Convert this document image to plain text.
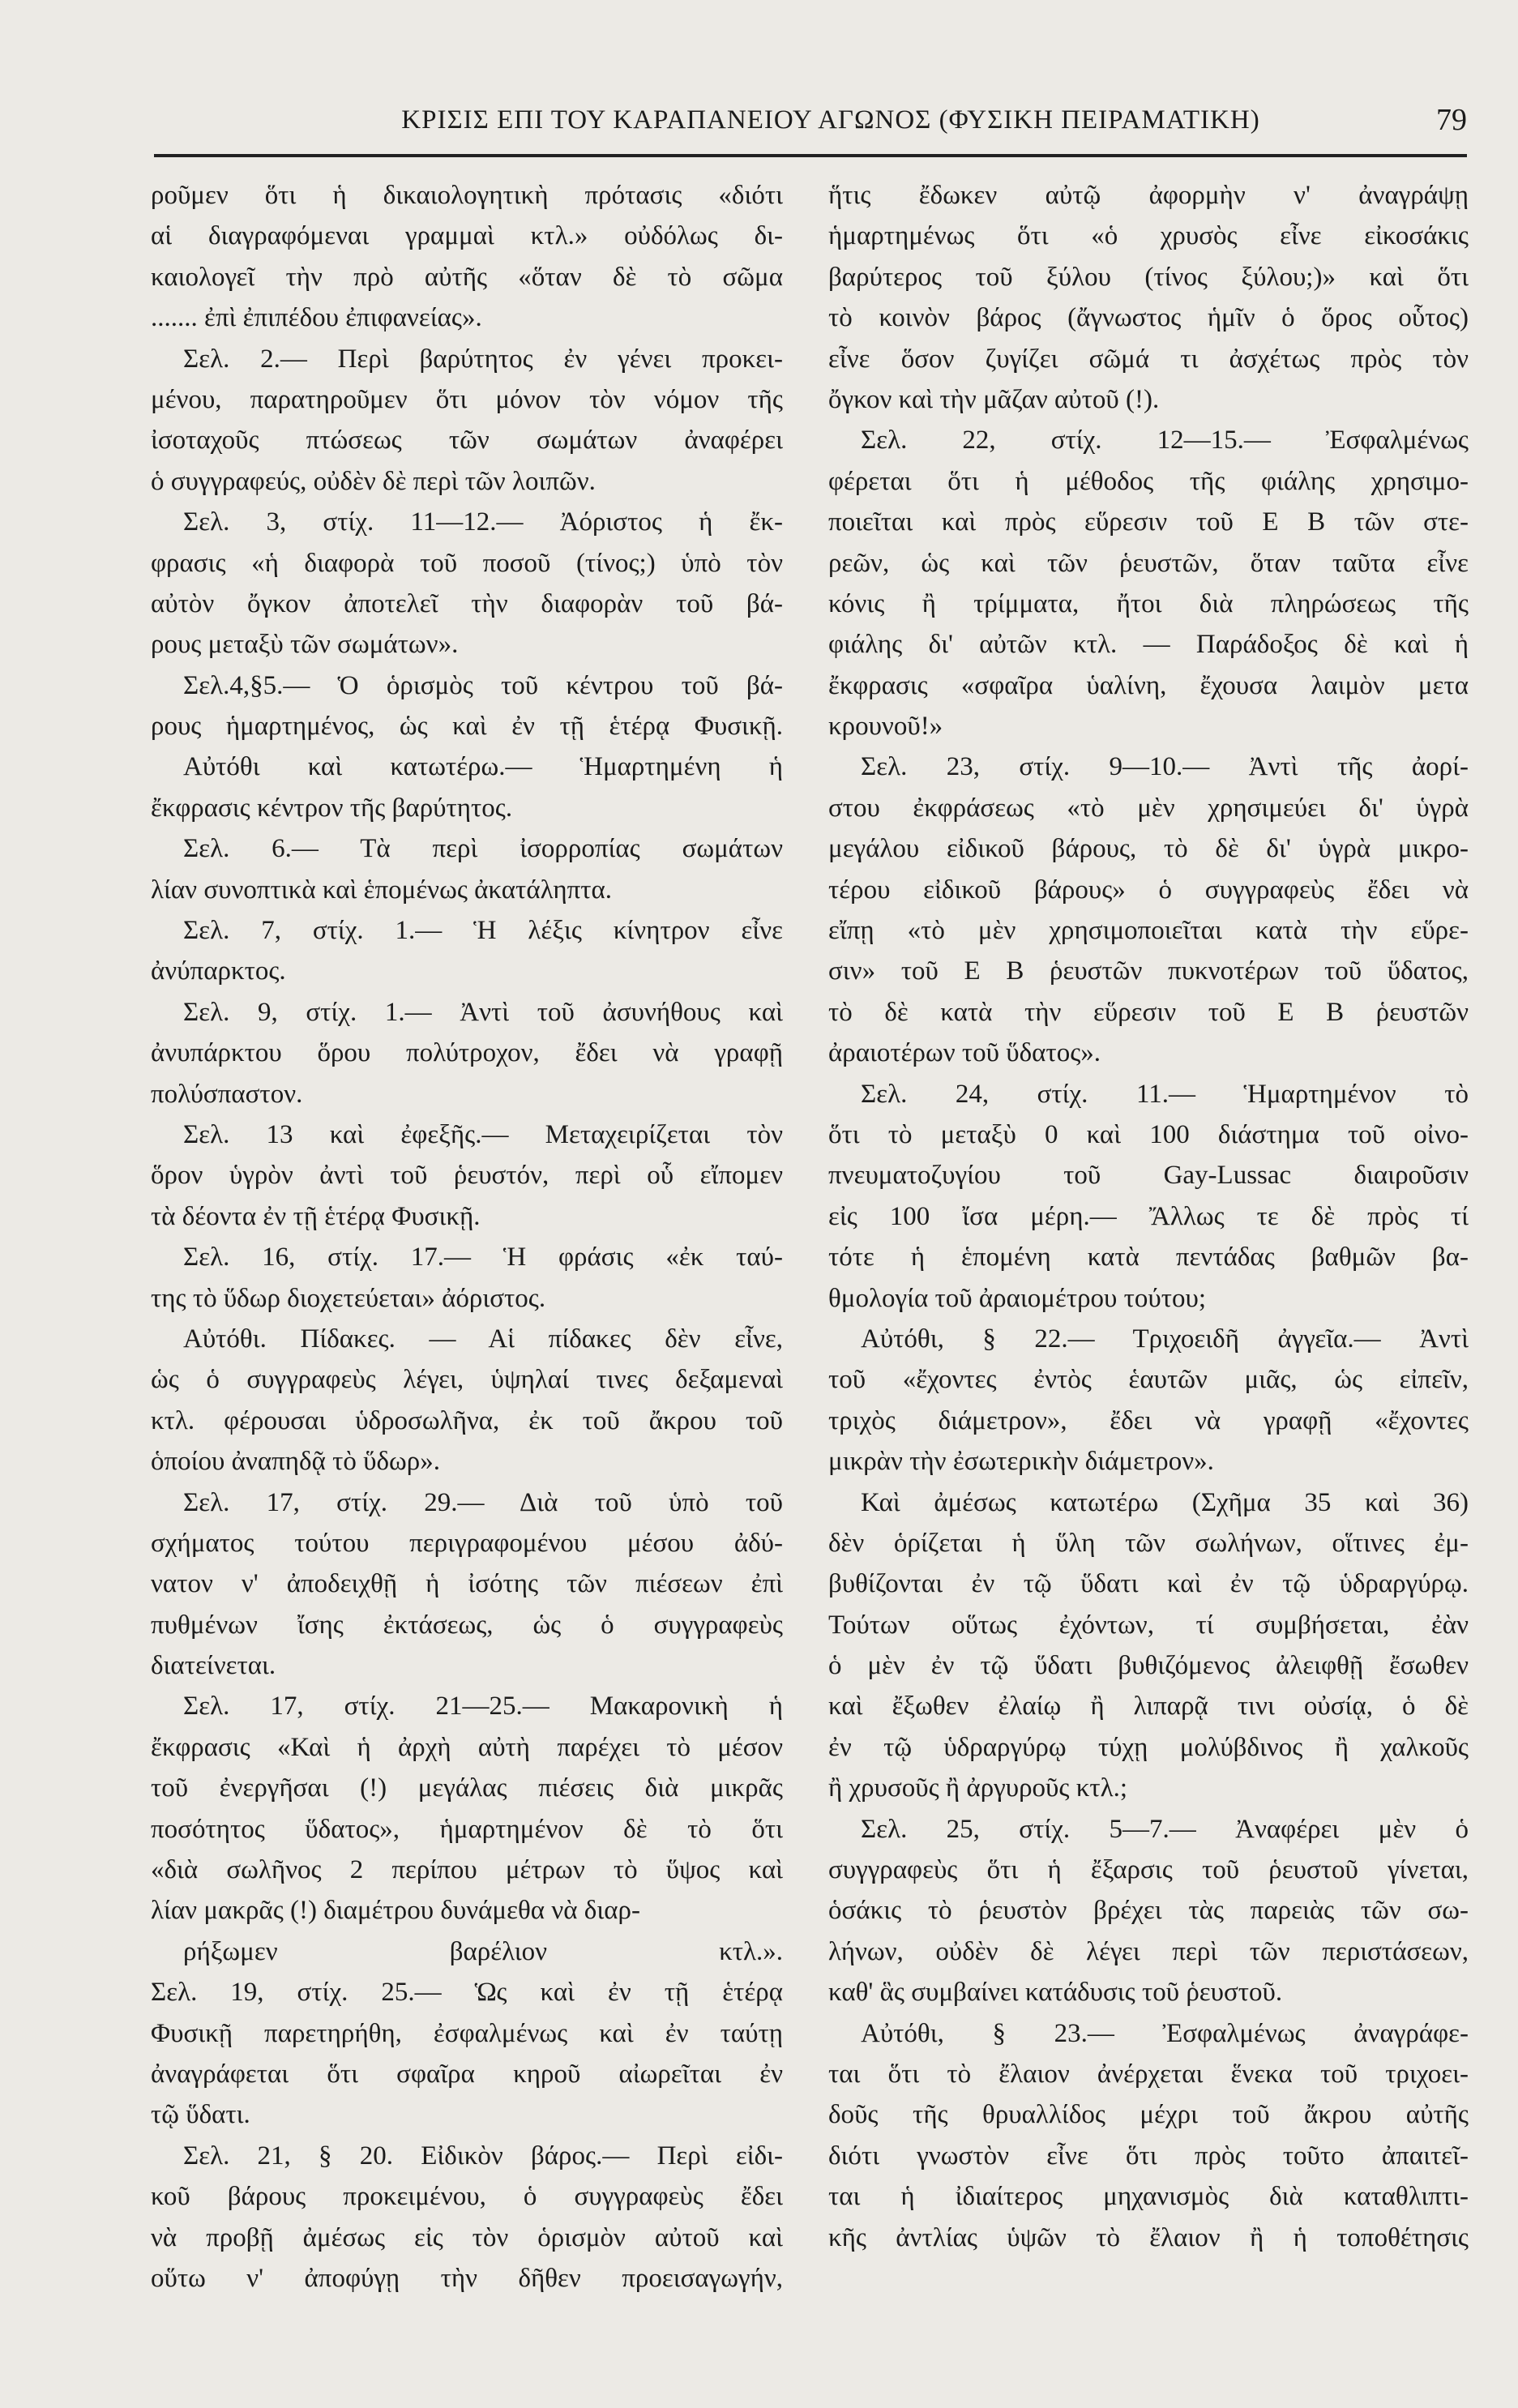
ΚΡΙΣΙΣ ΕΠΙ ΤΟΥ ΚΑΡΑΠΑΝΕΙΟΥ ΑΓΩΝΟΣ (ΦΥΣΙΚΗ ΠΕΙΡΑΜΑΤΙΚΗ)	79
ροῦμεν ὅτι ἡ δικαιολογητικὴ πρότασις «διότι
αἱ διαγραφόμεναι γραμμαὶ κτλ.» οὐδόλως δι-
καιολογεῖ τὴν πρὸ αὐτῆς «ὅταν δὲ τὸ σῶμα
....... ἐπὶ ἐπιπέδου ἐπιφανείας».
Σελ. 2.— Περὶ βαρύτητος ἐν γένει προκει-
μένου, παρατηροῦμεν ὅτι μόνον τὸν νόμον τῆς
ἰσοταχοῦς πτώσεως τῶν σωμάτων ἀναφέρει
ὁ συγγραφεύς, οὐδὲν δὲ περὶ τῶν λοιπῶν.
Σελ. 3, στίχ. 11—12.— Ἀόριστος ἡ ἔκ-
φρασις «ἡ διαφορὰ τοῦ ποσοῦ (τίνος;) ὑπὸ τὸν
αὐτὸν ὄγκον ἀποτελεῖ τὴν διαφορὰν τοῦ βά-
ρους μεταξὺ τῶν σωμάτων».
Σελ.4,§5.— Ὁ ὁρισμὸς τοῦ κέντρου τοῦ βά-
ρους ἡμαρτημένος, ὡς καὶ ἐν τῇ ἑτέρᾳ Φυσικῇ.
Αὐτόθι καὶ κατωτέρω.— Ἡμαρτημένη ἡ
ἔκφρασις κέντρον τῆς βαρύτητος.
Σελ. 6.— Τὰ περὶ ἰσορροπίας σωμάτων
λίαν συνοπτικὰ καὶ ἑπομένως ἀκατάληπτα.
Σελ. 7, στίχ. 1.— Ἡ λέξις κίνητρον εἶνε
ἀνύπαρκτος.
Σελ. 9, στίχ. 1.— Ἀντὶ τοῦ ἀσυνήθους καὶ
ἀνυπάρκτου ὅρου πολύτροχον, ἔδει νὰ γραφῇ
πολύσπαστον.
Σελ. 13 καὶ ἐφεξῆς.— Μεταχειρίζεται τὸν
ὅρον ὑγρὸν ἀντὶ τοῦ ῥευστόν, περὶ οὗ εἴπομεν
τὰ δέοντα ἐν τῇ ἑτέρᾳ Φυσικῇ.
Σελ. 16, στίχ. 17.— Ἡ φράσις «ἐκ ταύ-
της τὸ ὕδωρ διοχετεύεται» ἀόριστος.
Αὐτόθι. Πίδακες. — Αἱ πίδακες δὲν εἶνε,
ὡς ὁ συγγραφεὺς λέγει, ὑψηλαί τινες δεξαμεναὶ
κτλ. φέρουσαι ὑδροσωλῆνα, ἐκ τοῦ ἄκρου τοῦ
ὁποίου ἀναπηδᾷ τὸ ὕδωρ».
Σελ. 17, στίχ. 29.— Διὰ τοῦ ὑπὸ τοῦ
σχήματος τούτου περιγραφομένου μέσου ἀδύ-
νατον ν' ἀποδειχθῇ ἡ ἰσότης τῶν πιέσεων ἐπὶ
πυθμένων ἴσης ἐκτάσεως, ὡς ὁ συγγραφεὺς
διατείνεται.
Σελ. 17, στίχ. 21—25.— Μακαρονικὴ ἡ
ἔκφρασις «Καὶ ἡ ἀρχὴ αὐτὴ παρέχει τὸ μέσον
τοῦ ἐνεργῆσαι (!) μεγάλας πιέσεις διὰ μικρᾶς
ποσότητος ὕδατος», ἡμαρτημένον δὲ τὸ ὅτι
«διὰ σωλῆνος 2 περίπου μέτρων τὸ ὕψος καὶ
λίαν μακρᾶς (!) διαμέτρου δυνάμεθα νὰ διαρ-
ρήξωμεν βαρέλιον κτλ.».
Σελ. 19, στίχ. 25.— Ὡς καὶ ἐν τῇ ἑτέρᾳ
Φυσικῇ παρετηρήθη, ἐσφαλμένως καὶ ἐν ταύτῃ
ἀναγράφεται ὅτι σφαῖρα κηροῦ αἰωρεῖται ἐν
τῷ ὕδατι.
Σελ. 21, § 20. Εἰδικὸν βάρος.— Περὶ εἰδι-
κοῦ βάρους προκειμένου, ὁ συγγραφεὺς ἔδει
νὰ προβῇ ἀμέσως εἰς τὸν ὁρισμὸν αὐτοῦ καὶ
οὕτω ν' ἀποφύγῃ τὴν δῆθεν προεισαγωγήν,
ἥτις ἔδωκεν αὐτῷ ἀφορμὴν ν' ἀναγράψῃ
ἡμαρτημένως ὅτι «ὁ χρυσὸς εἶνε εἰκοσάκις
βαρύτερος τοῦ ξύλου (τίνος ξύλου;)» καὶ ὅτι
τὸ κοινὸν βάρος (ἄγνωστος ἡμῖν ὁ ὅρος οὗτος)
εἶνε ὅσον ζυγίζει σῶμά τι ἀσχέτως πρὸς τὸν
ὄγκον καὶ τὴν μᾶζαν αὐτοῦ (!).
Σελ. 22, στίχ. 12—15.— Ἐσφαλμένως
φέρεται ὅτι ἡ μέθοδος τῆς φιάλης χρησιμο-
ποιεῖται καὶ πρὸς εὕρεσιν τοῦ Ε Β τῶν στε-
ρεῶν, ὡς καὶ τῶν ῥευστῶν, ὅταν ταῦτα εἶνε
κόνις ἢ τρίμματα, ἤτοι διὰ πληρώσεως τῆς
φιάλης δι' αὐτῶν κτλ. — Παράδοξος δὲ καὶ ἡ
ἔκφρασις «σφαῖρα ὑαλίνη, ἔχουσα λαιμὸν μετα
κρουνοῦ!»
Σελ. 23, στίχ. 9—10.— Ἀντὶ τῆς ἀορί-
στου ἐκφράσεως «τὸ μὲν χρησιμεύει δι' ὑγρὰ
μεγάλου εἰδικοῦ βάρους, τὸ δὲ δι' ὑγρὰ μικρο-
τέρου εἰδικοῦ βάρους» ὁ συγγραφεὺς ἔδει νὰ
εἴπῃ «τὸ μὲν χρησιμοποιεῖται κατὰ τὴν εὕρε-
σιν» τοῦ Ε Β ῥευστῶν πυκνοτέρων τοῦ ὕδατος,
τὸ δὲ κατὰ τὴν εὕρεσιν τοῦ Ε Β ῥευστῶν
ἀραιοτέρων τοῦ ὕδατος».
Σελ. 24, στίχ. 11.— Ἡμαρτημένον τὸ
ὅτι τὸ μεταξὺ 0 καὶ 100 διάστημα τοῦ οἰνο-
πνευματοζυγίου τοῦ Gay-Lussac διαιροῦσιν
εἰς 100 ἴσα μέρη.— Ἄλλως τε δὲ πρὸς τί
τότε ἡ ἑπομένη κατὰ πεντάδας βαθμῶν βα-
θμολογία τοῦ ἀραιομέτρου τούτου;
Αὐτόθι, § 22.— Τριχοειδῆ ἀγγεῖα.— Ἀντὶ
τοῦ «ἔχοντες ἐντὸς ἑαυτῶν μιᾶς, ὡς εἰπεῖν,
τριχὸς διάμετρον», ἔδει νὰ γραφῇ «ἔχοντες
μικρὰν τὴν ἐσωτερικὴν διάμετρον».
Καὶ ἀμέσως κατωτέρω (Σχῆμα 35 καὶ 36)
δὲν ὁρίζεται ἡ ὕλη τῶν σωλήνων, οἵτινες ἐμ-
βυθίζονται ἐν τῷ ὕδατι καὶ ἐν τῷ ὑδραργύρῳ.
Τούτων οὕτως ἐχόντων, τί συμβήσεται, ἐὰν
ὁ μὲν ἐν τῷ ὕδατι βυθιζόμενος ἀλειφθῇ ἔσωθεν
καὶ ἔξωθεν ἐλαίῳ ἢ λιπαρᾷ τινι οὐσίᾳ, ὁ δὲ
ἐν τῷ ὑδραργύρῳ τύχῃ μολύβδινος ἢ χαλκοῦς
ἢ χρυσοῦς ἢ ἀργυροῦς κτλ.;
Σελ. 25, στίχ. 5—7.— Ἀναφέρει μὲν ὁ
συγγραφεὺς ὅτι ἡ ἔξαρσις τοῦ ῥευστοῦ γίνεται,
ὁσάκις τὸ ῥευστὸν βρέχει τὰς παρειὰς τῶν σω-
λήνων, οὐδὲν δὲ λέγει περὶ τῶν περιστάσεων,
καθ' ἃς συμβαίνει κατάδυσις τοῦ ῥευστοῦ.
Αὐτόθι, § 23.— Ἐσφαλμένως ἀναγράφε-
ται ὅτι τὸ ἔλαιον ἀνέρχεται ἕνεκα τοῦ τριχοει-
δοῦς τῆς θρυαλλίδος μέχρι τοῦ ἄκρου αὐτῆς
διότι γνωστὸν εἶνε ὅτι πρὸς τοῦτο ἀπαιτεῖ-
ται ἡ ἰδιαίτερος μηχανισμὸς διὰ καταθλιπτι-
κῆς ἀντλίας ὑψῶν τὸ ἔλαιον ἢ ἡ τοποθέτησις
